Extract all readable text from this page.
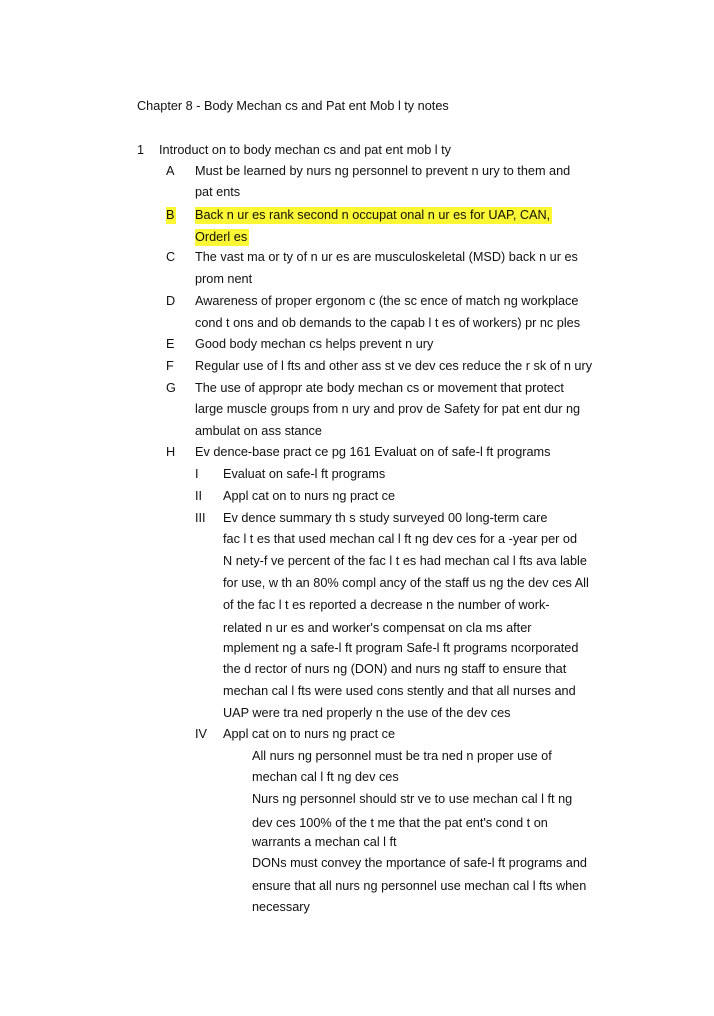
Chapter 8 - Body Mechan cs and Pat ent Mob l ty notes
1 Introduct on to body mechan cs and pat ent mob l ty
A Must be learned by nurs ng personnel to prevent n ury to them and
pat ents
B Back n ur es rank second n occupat onal n ur es for UAP, CAN,
Orderl es
C The vast ma or ty of n ur es are musculoskeletal (MSD) back n ur es
prom nent
D Awareness of proper ergonom c (the sc ence of match ng workplace
cond t ons and ob demands to the capab l t es of workers) pr nc ples
E Good body mechan cs helps prevent n ury
F Regular use of l fts and other ass st ve dev ces reduce the r sk of n ury
G The use of appropr ate body mechan cs or movement that protect
large muscle groups from n ury and prov de Safety for pat ent dur ng
ambulat on ass stance
H Ev dence-base pract ce pg 161 Evaluat on of safe-l ft programs
I Evaluat on safe-l ft programs
II Appl cat on to nurs ng pract ce
III Ev dence summary th s study surveyed 00 long-term care
fac l t es that used mechan cal l ft ng dev ces for a -year per od
N nety-f ve percent of the fac l t es had mechan cal l fts ava lable
for use, w th an 80% compl ancy of the staff us ng the dev ces All
of the fac l t es reported a decrease n the number of work-
related n ur es and worker's compensat on cla ms after
mplement ng a safe-l ft program Safe-l ft programs ncorporated
the d rector of nurs ng (DON) and nurs ng staff to ensure that
mechan cal l fts were used cons stently and that all nurses and
UAP were tra ned properly n the use of the dev ces
IV Appl cat on to nurs ng pract ce
All nurs ng personnel must be tra ned n proper use of
mechan cal l ft ng dev ces
Nurs ng personnel should str ve to use mechan cal l ft ng
dev ces 100% of the t me that the pat ent's cond t on
warrants a mechan cal l ft
DONs must convey the mportance of safe-l ft programs and
ensure that all nurs ng personnel use mechan cal l fts when
necessary
